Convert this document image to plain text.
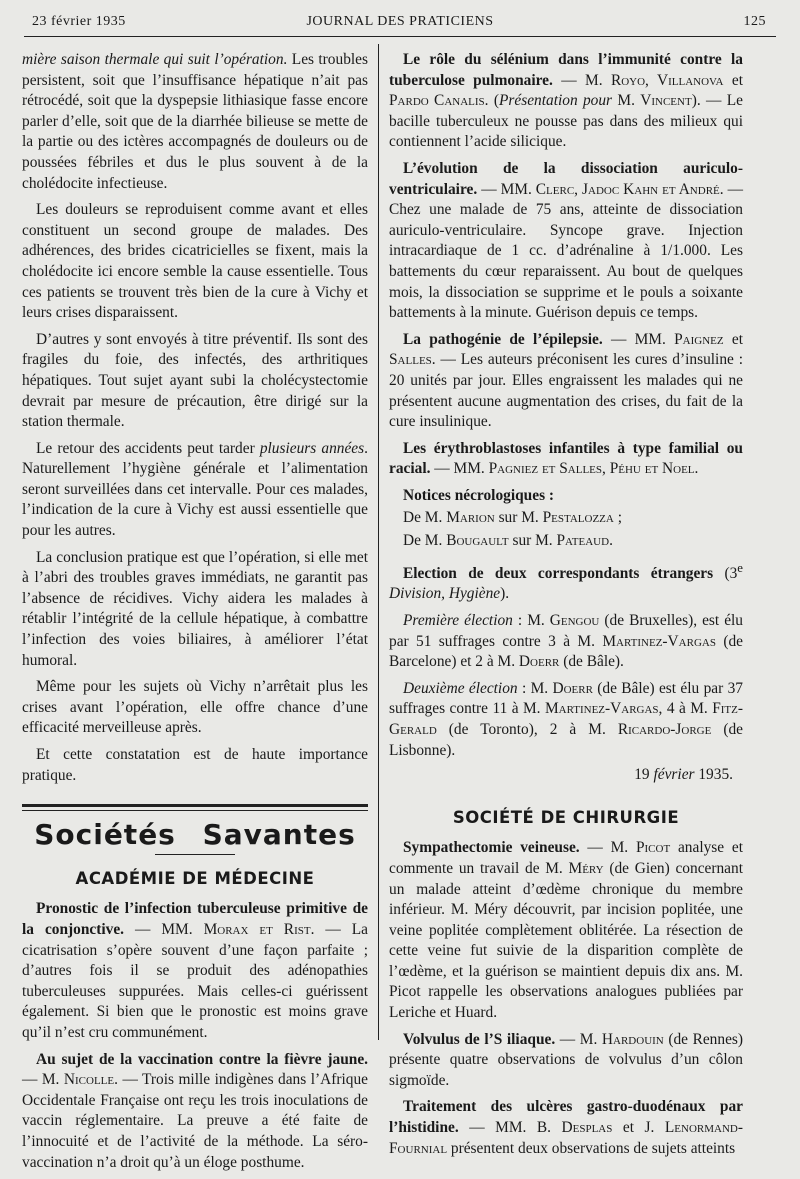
23 février 1935	JOURNAL DES PRATICIENS	125

mière saison thermale qui suit l’opération. Les troubles persistent, soit que l’insuffisance hépatique n’ait pas rétrocédé, soit que la dyspepsie lithiasique fasse encore parler d’elle, soit que de la diarrhée bilieuse se mette de la partie ou des ictères accompagnés de douleurs ou de poussées fébriles et dus le plus souvent à de la cholédocite infectieuse.

Les douleurs se reproduisent comme avant et elles constituent un second groupe de malades. Des adhérences, des brides cicatricielles se fixent, mais la cholédocite ici encore semble la cause essentielle. Tous ces patients se trouvent très bien de la cure à Vichy et leurs crises disparaissent.

D’autres y sont envoyés à titre préventif. Ils sont des fragiles du foie, des infectés, des arthritiques hépatiques. Tout sujet ayant subi la cholécystectomie devrait par mesure de précaution, être dirigé sur la station thermale.

Le retour des accidents peut tarder plusieurs années. Naturellement l’hygiène générale et l’alimentation seront surveillées dans cet intervalle. Pour ces malades, l’indication de la cure à Vichy est aussi essentielle que pour les autres.

La conclusion pratique est que l’opération, si elle met à l’abri des troubles graves immédiats, ne garantit pas l’absence de récidives. Vichy aidera les malades à rétablir l’intégrité de la cellule hépatique, à combattre l’infection des voies biliaires, à améliorer l’état humoral.

Même pour les sujets où Vichy n’arrêtait plus les crises avant l’opération, elle offre chance d’une efficacité merveilleuse après.

Et cette constatation est de haute importance pratique.

Sociétés Savantes
ACADÉMIE DE MÉDECINE

Pronostic de l’infection tuberculeuse primitive de la conjonctive. — MM. Morax et Rist. — La cicatrisation s’opère souvent d’une façon parfaite ; d’autres fois il se produit des adénopathies tuberculeuses suppurées. Mais celles-ci guérissent également. Si bien que le pronostic est moins grave qu’il n’est cru communément.

Au sujet de la vaccination contre la fièvre jaune. — M. Nicolle. — Trois mille indigènes dans l’Afrique Occidentale Française ont reçu les trois inoculations de vaccin réglementaire. La preuve a été faite de l’innocuité et de l’activité de la méthode. La séro-vaccination n’a droit qu’à un éloge posthume.

Le rôle du sélénium dans l’immunité contre la tuberculose pulmonaire. — M. Royo, Villanova et Pardo Canalis. (Présentation pour M. Vincent). — Le bacille tuberculeux ne pousse pas dans des milieux qui contiennent l’acide silicique.

L’évolution de la dissociation auriculo-ventriculaire. — MM. Clerc, Jadoc Kahn et André. — Chez une malade de 75 ans, atteinte de dissociation auriculo-ventriculaire. Syncope grave. Injection intracardiaque de 1 cc. d’adrénaline à 1/1.000. Les battements du cœur reparaissent. Au bout de quelques mois, la dissociation se supprime et le pouls a soixante battements à la minute. Guérison depuis ce temps.

La pathogénie de l’épilepsie. — MM. Paignez et Salles. — Les auteurs préconisent les cures d’insuline : 20 unités par jour. Elles engraissent les malades qui ne présentent aucune augmentation des crises, du fait de la cure insulinique.

Les érythroblastoses infantiles à type familial ou racial. — MM. Pagniez et Salles, Péhu et Noel.

Notices nécrologiques :

De M. Marion sur M. Pestalozza ;

De M. Bougault sur M. Pateaud.

Election de deux correspondants étrangers (3e Division, Hygiène).

Première élection : M. Gengou (de Bruxelles), est élu par 51 suffrages contre 3 à M. Martinez-Vargas (de Barcelone) et 2 à M. Doerr (de Bâle).

Deuxième élection : M. Doerr (de Bâle) est élu par 37 suffrages contre 11 à M. Martinez-Vargas, 4 à M. Fitz-Gerald (de Toronto), 2 à M. Ricardo-Jorge (de Lisbonne).

19 février 1935.

SOCIÉTÉ DE CHIRURGIE

Sympathectomie veineuse. — M. Picot analyse et commente un travail de M. Méry (de Gien) concernant un malade atteint d’œdème chronique du membre inférieur. M. Méry découvrit, par incision poplitée, une veine poplitée complètement oblitérée. La résection de cette veine fut suivie de la disparition complète de l’œdème, et la guérison se maintient depuis dix ans. M. Picot rappelle les observations analogues publiées par Leriche et Huard.

Volvulus de l’S iliaque. — M. Hardouin (de Rennes) présente quatre observations de volvulus d’un côlon sigmoïde.

Traitement des ulcères gastro-duodénaux par l’histidine. — MM. B. Desplas et J. Lenormand-Fournial présentent deux observations de sujets atteints
